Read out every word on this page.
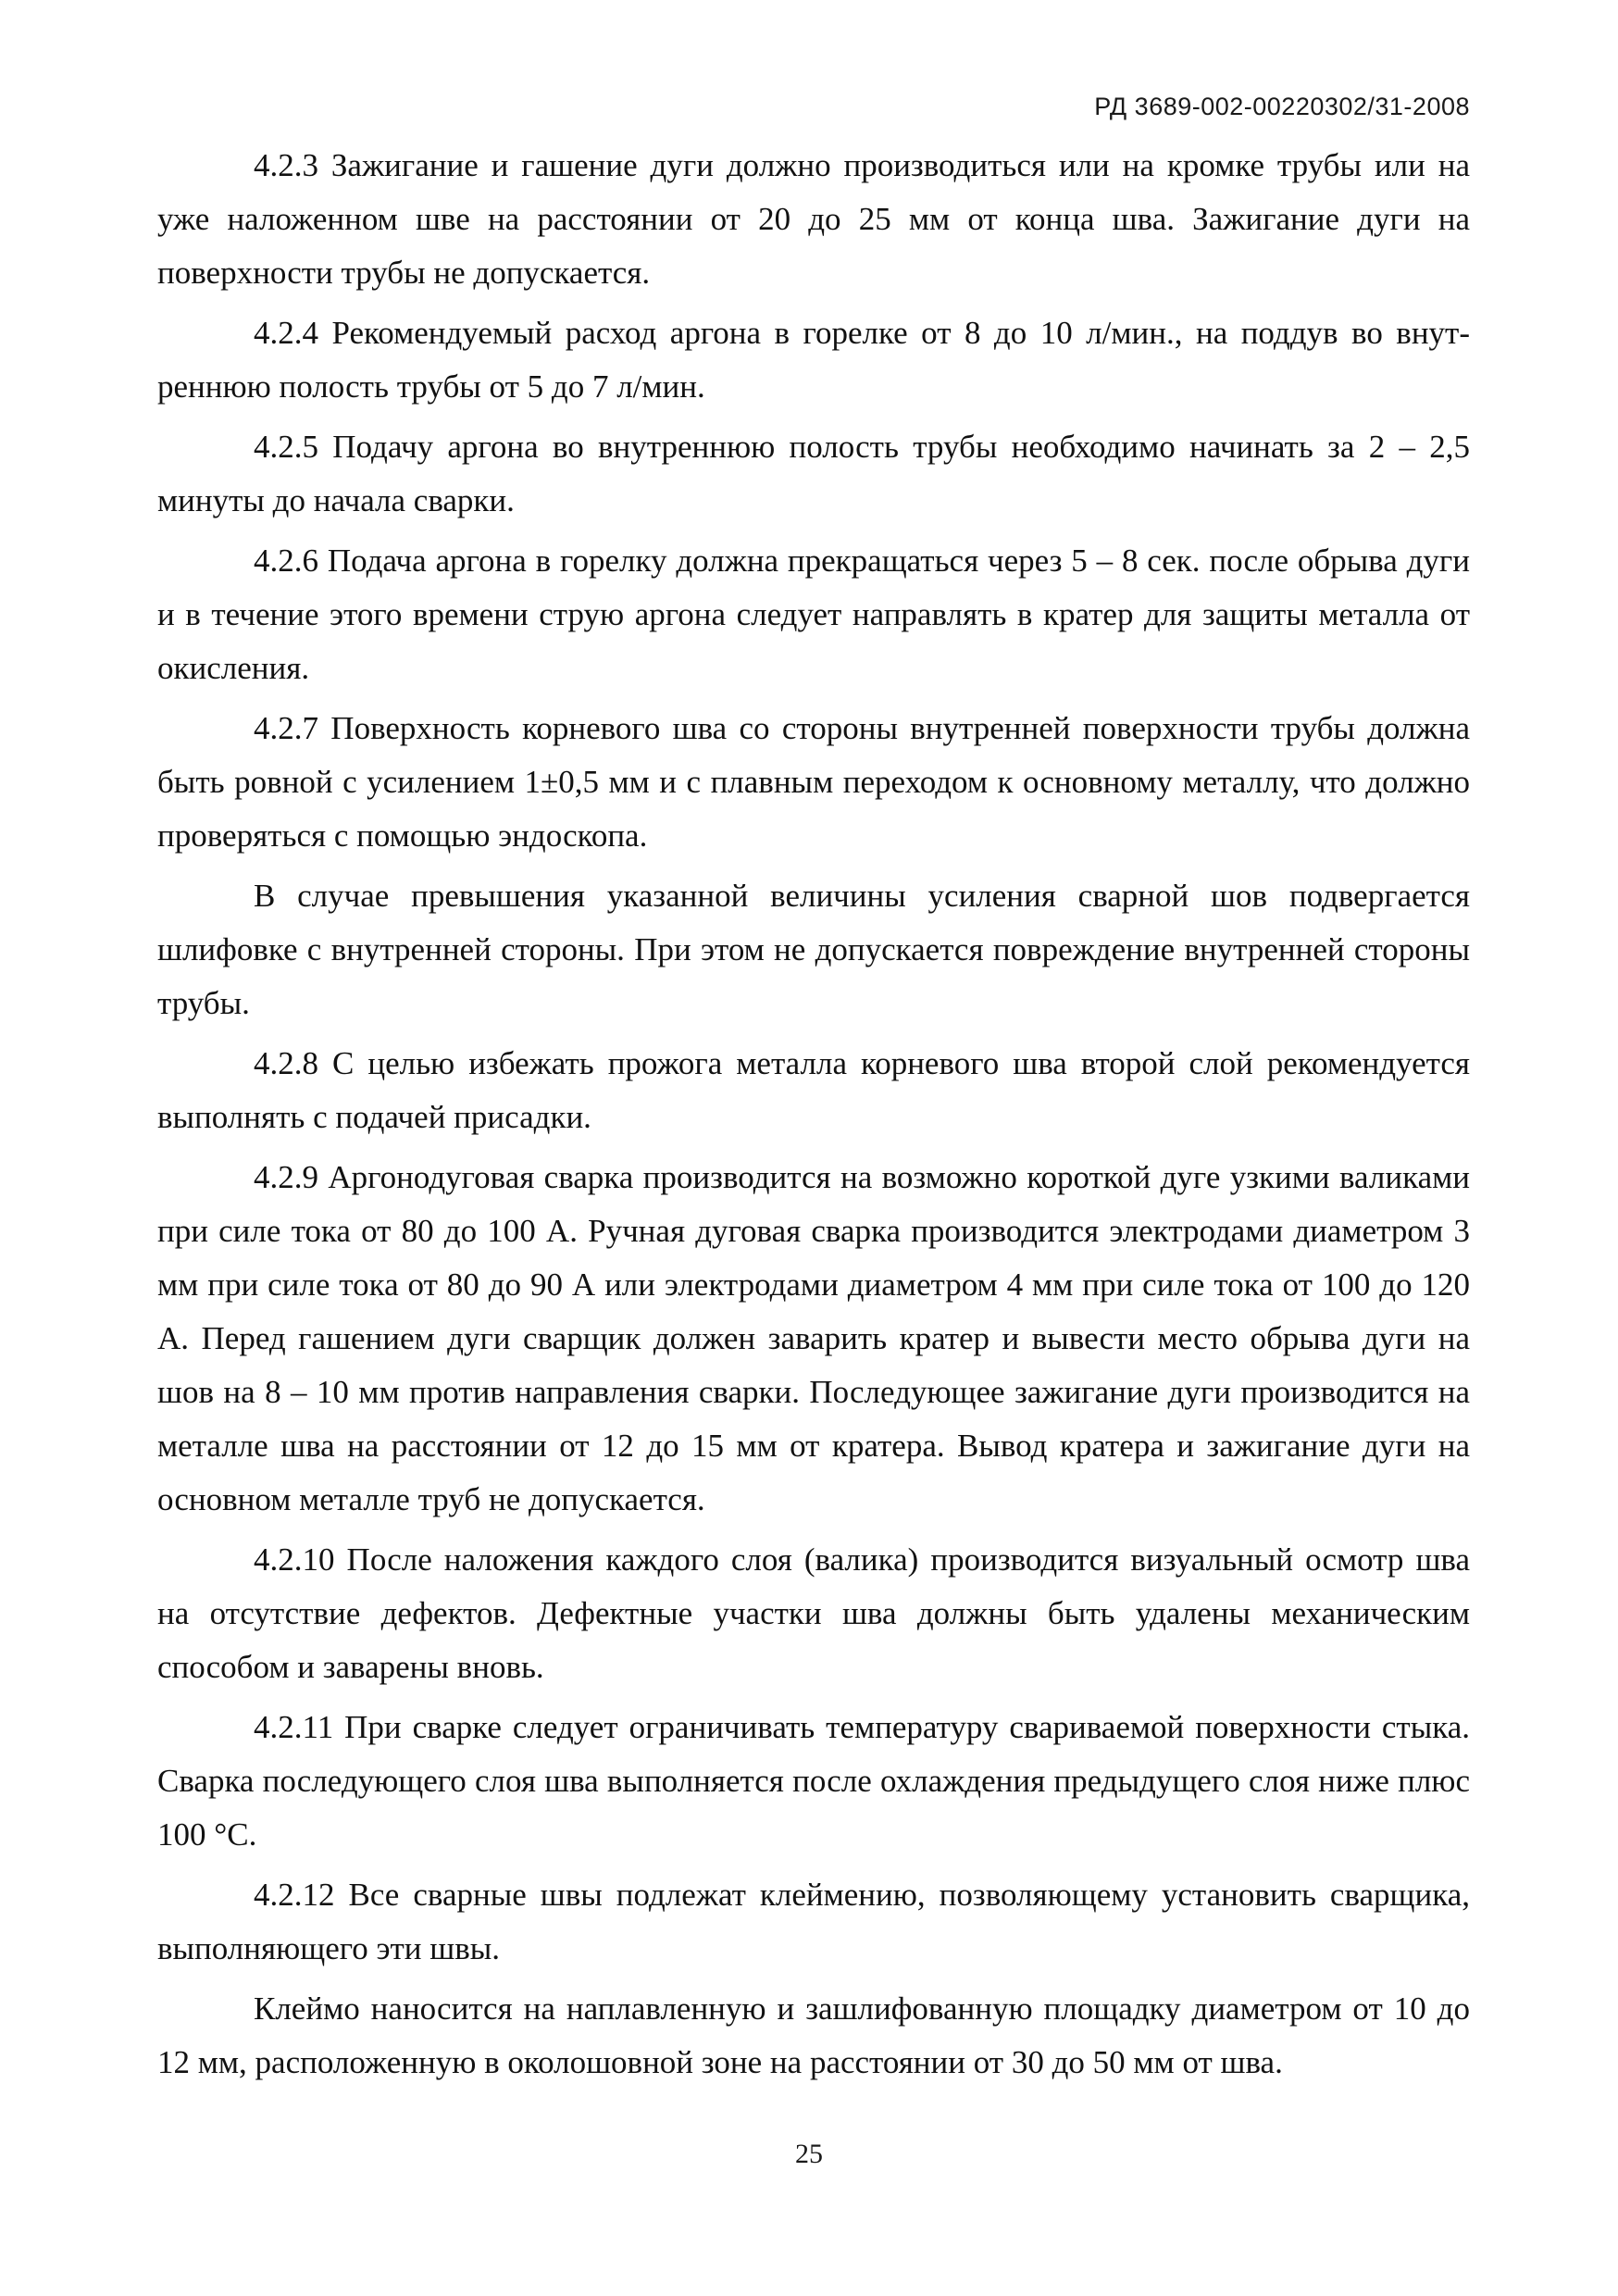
РД 3689-002-00220302/31-2008

4.2.3 Зажигание и гашение дуги должно производиться или на кромке трубы или на уже наложенном шве на расстоянии от 20 до 25 мм от конца шва. Зажигание дуги на поверхности трубы не допускается.

4.2.4 Рекомендуемый расход аргона в горелке от 8 до 10 л/мин., на поддув во внутреннюю полость трубы от 5 до 7 л/мин.

4.2.5 Подачу аргона во внутреннюю полость трубы необходимо начинать за 2 – 2,5 минуты до начала сварки.

4.2.6 Подача аргона в горелку должна прекращаться через 5 – 8 сек. после обрыва дуги и в течение этого времени струю аргона следует направлять в кратер для защиты металла от окисления.

4.2.7 Поверхность корневого шва со стороны внутренней поверхности трубы должна быть ровной с усилением 1±0,5 мм и с плавным переходом к основному металлу, что должно проверяться с помощью эндоскопа.

В случае превышения указанной величины усиления сварной шов подвергается шлифовке с внутренней стороны. При этом не допускается повреждение внутренней стороны трубы.

4.2.8 С целью избежать прожога металла корневого шва второй слой рекомендуется выполнять с подачей присадки.

4.2.9 Аргонодуговая сварка производится на возможно короткой дуге узкими валиками при силе тока от 80 до 100 А. Ручная дуговая сварка производится электродами диаметром 3 мм при силе тока от 80 до 90 А или электродами диаметром 4 мм при силе тока от 100 до 120 А. Перед гашением дуги сварщик должен заварить кратер и вывести место обрыва дуги на шов на 8 – 10 мм против направления сварки. Последующее зажигание дуги производится на металле шва на расстоянии от 12 до 15 мм от кратера. Вывод кратера и зажигание дуги на основном металле труб не допускается.

4.2.10 После наложения каждого слоя (валика) производится визуальный осмотр шва на отсутствие дефектов. Дефектные участки шва должны быть удалены механическим способом и заварены вновь.

4.2.11 При сварке следует ограничивать температуру свариваемой поверхности стыка. Сварка последующего слоя шва выполняется после охлаждения предыдущего слоя ниже плюс 100 °С.

4.2.12 Все сварные швы подлежат клеймению, позволяющему установить сварщика, выполняющего эти швы.

Клеймо наносится на наплавленную и зашлифованную площадку диаметром от 10 до 12 мм, расположенную в околошовной зоне на расстоянии от 30 до 50 мм от шва.

25
